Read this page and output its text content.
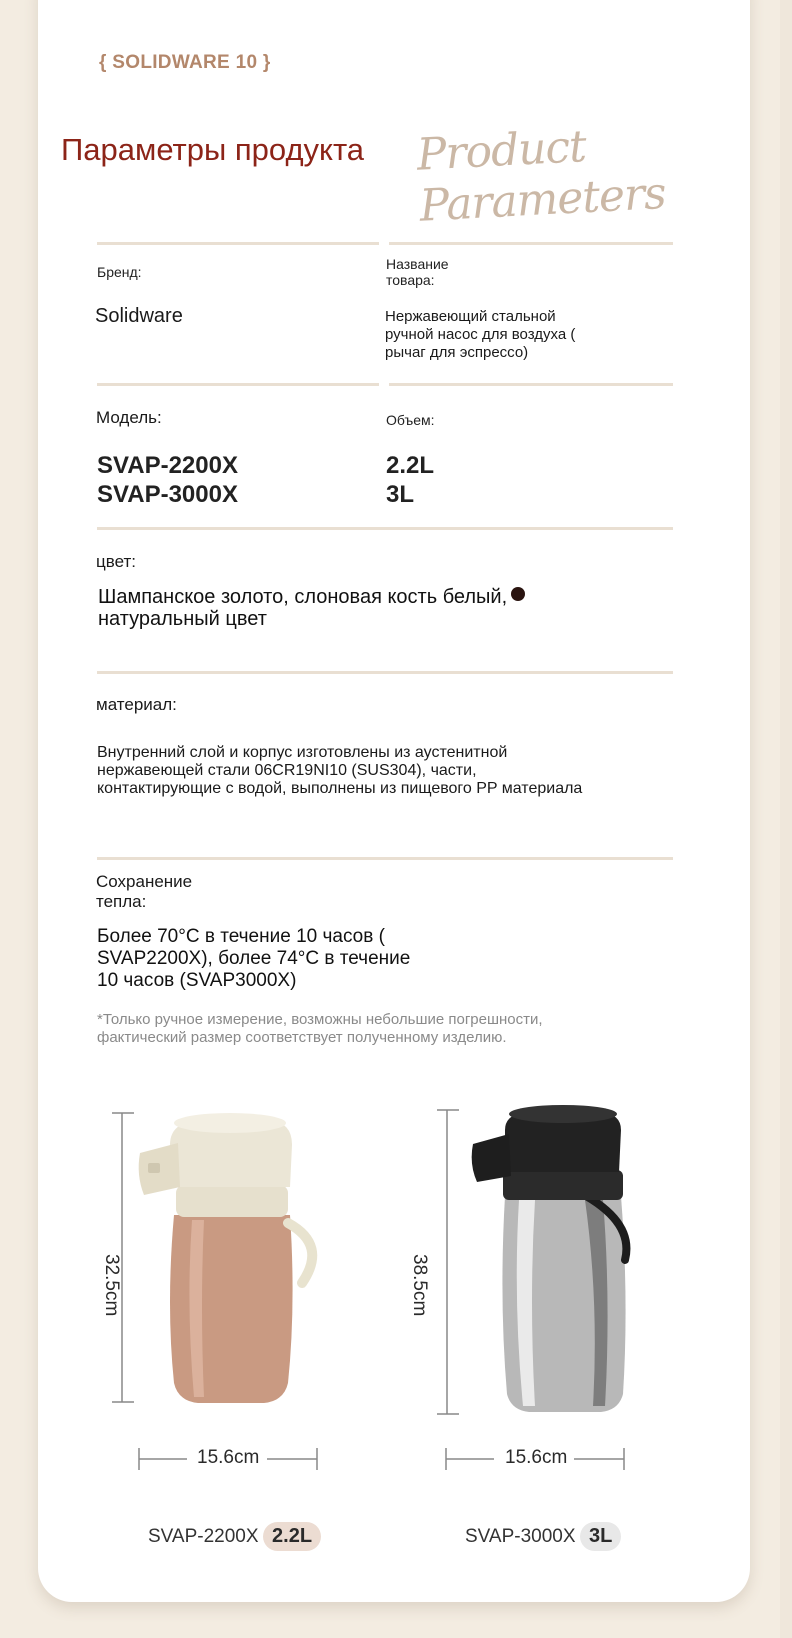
{ SOLIDWARE 10 }
Параметры продукта Product Parameters
Бренд:
Solidware
Название
товара:
Нержавеющий стальной
ручной насос для воздуха (
рычаг для эспрессо)
Модель:
SVAP-2200X
SVAP-3000X
Объем:
2.2L
3L
цвет:
Шампанское золото, слоновая кость белый,
натуральный цвет
материал:
Внутренний слой и корпус изготовлены из аустенитной
нержавеющей стали 06CR19NI10 (SUS304), части,
контактирующие с водой, выполнены из пищевого PP материала
Сохранение
тепла:
Более 70°C в течение 10 часов (
SVAP2200X), более 74°C в течение
10 часов (SVAP3000X)
*Только ручное измерение, возможны небольшие погрешности,
фактический размер соответствует полученному изделию.
32.5cm
15.6cm
SVAP-2200X 2.2L
38.5cm
15.6cm
SVAP-3000X 3L
